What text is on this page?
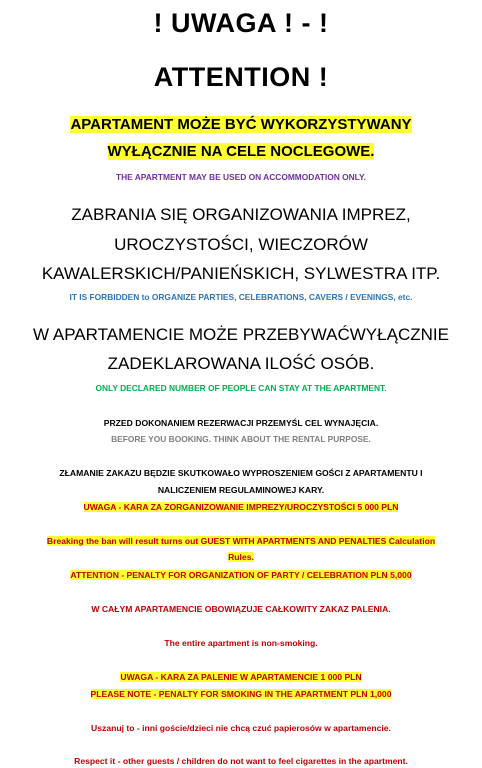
! UWAGA ! - !
ATTENTION !
APARTAMENT MOŻE BYĆ WYKORZYSTYWANY
WYŁĄCZNIE NA CELE NOCLEGOWE.
THE APARTMENT MAY BE USED ON ACCOMMODATION ONLY.
ZABRANIA SIĘ ORGANIZOWANIA IMPREZ,
UROCZYSTOŚCI, WIECZORÓW
KAWALERSKICH/PANIEŃSKICH, SYLWESTRA ITP.
IT IS FORBIDDEN to ORGANIZE PARTIES, CELEBRATIONS, CAVERS / EVENINGS, etc.
W APARTAMENCIE MOŻE PRZEBYWAĆWYŁĄCZNIE
ZADEKLAROWANA ILOŚĆ OSÓB.
ONLY DECLARED NUMBER OF PEOPLE CAN STAY AT THE APARTMENT.
PRZED DOKONANIEM REZERWACJI PRZEMYŚL CEL WYNAJĘCIA.
BEFORE YOU BOOKING. THINK ABOUT THE RENTAL PURPOSE.
ZŁAMANIE ZAKAZU BĘDZIE SKUTKOWAŁO WYPROSZENIEM GOŚCI Z APARTAMENTU I
NALICZENIEM REGULAMINOWEJ KARY.
UWAGA - KARA ZA ZORGANIZOWANIE IMPREZY/UROCZYSTOŚCI 5 000 PLN
Breaking the ban will result turns out GUEST WITH APARTMENTS AND PENALTIES Calculation
Rules.
ATTENTION - PENALTY FOR ORGANIZATION OF PARTY / CELEBRATION PLN 5,000
W CAŁYM APARTAMENCIE OBOWIĄZUJE CAŁKOWITY ZAKAZ PALENIA.
The entire apartment is non-smoking.
UWAGA - KARA ZA PALENIE W APARTAMENCIE 1 000 PLN
PLEASE NOTE - PENALTY FOR SMOKING IN THE APARTMENT PLN 1,000
Uszanuj to - inni goście/dzieci nie chcą czuć papierosów w apartamencie.
Respect it - other guests / children do not want to feel cigarettes in the apartment.
